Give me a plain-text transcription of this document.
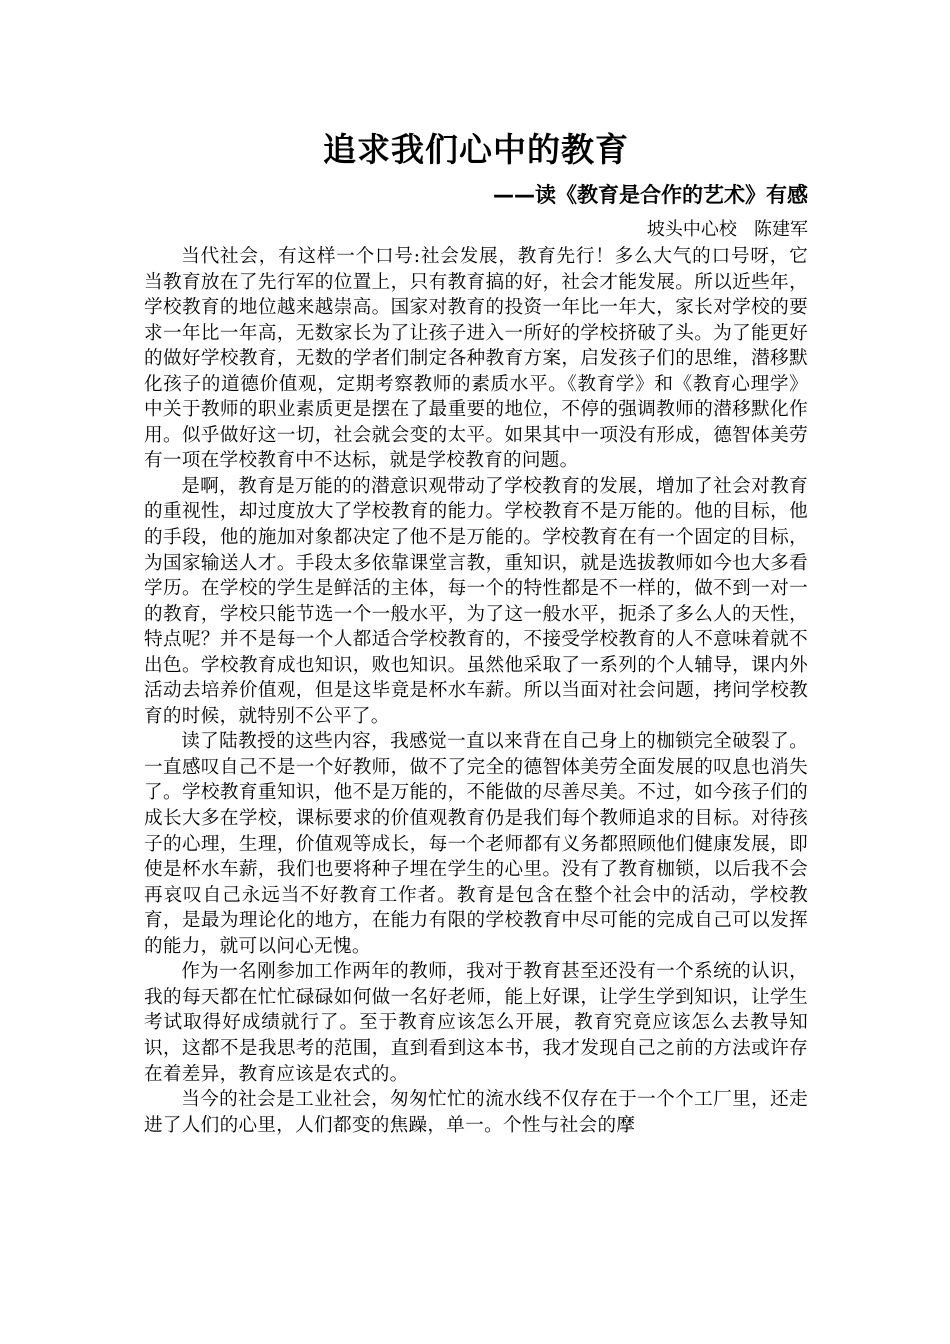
追求我们心中的教育
——读《教育是合作的艺术》有感
坡头中心校   陈建军

当代社会，有这样一个口号:社会发展，教育先行！多么大气的口号呀，它当教育放在了先行军的位置上，只有教育搞的好，社会才能发展。所以近些年，学校教育的地位越来越崇高。国家对教育的投资一年比一年大，家长对学校的要求一年比一年高，无数家长为了让孩子进入一所好的学校挤破了头。为了能更好的做好学校教育，无数的学者们制定各种教育方案，启发孩子们的思维，潜移默化孩子的道德价值观，定期考察教师的素质水平。《教育学》和《教育心理学》中关于教师的职业素质更是摆在了最重要的地位，不停的强调教师的潜移默化作用。似乎做好这一切，社会就会变的太平。如果其中一项没有形成，德智体美劳有一项在学校教育中不达标，就是学校教育的问题。

是啊，教育是万能的的潜意识观带动了学校教育的发展，增加了社会对教育的重视性，却过度放大了学校教育的能力。学校教育不是万能的。他的目标，他的手段，他的施加对象都决定了他不是万能的。学校教育在有一个固定的目标，为国家输送人才。手段太多依靠课堂言教，重知识，就是选拔教师如今也大多看学历。在学校的学生是鲜活的主体，每一个的特性都是不一样的，做不到一对一的教育，学校只能节选一个一般水平，为了这一般水平，扼杀了多么人的天性，特点呢？并不是每一个人都适合学校教育的，不接受学校教育的人不意味着就不出色。学校教育成也知识，败也知识。虽然他采取了一系列的个人辅导，课内外活动去培养价值观，但是这毕竟是杯水车薪。所以当面对社会问题，拷问学校教育的时候，就特别不公平了。

读了陆教授的这些内容，我感觉一直以来背在自己身上的枷锁完全破裂了。一直感叹自己不是一个好教师，做不了完全的德智体美劳全面发展的叹息也消失了。学校教育重知识，他不是万能的，不能做的尽善尽美。不过，如今孩子们的成长大多在学校，课标要求的价值观教育仍是我们每个教师追求的目标。对待孩子的心理，生理，价值观等成长，每一个老师都有义务都照顾他们健康发展，即使是杯水车薪，我们也要将种子埋在学生的心里。没有了教育枷锁，以后我不会再哀叹自己永远当不好教育工作者。教育是包含在整个社会中的活动，学校教育，是最为理论化的地方，在能力有限的学校教育中尽可能的完成自己可以发挥的能力，就可以问心无愧。

作为一名刚参加工作两年的教师，我对于教育甚至还没有一个系统的认识，我的每天都在忙忙碌碌如何做一名好老师，能上好课，让学生学到知识，让学生考试取得好成绩就行了。至于教育应该怎么开展，教育究竟应该怎么去教导知识，这都不是我思考的范围，直到看到这本书，我才发现自己之前的方法或许存在着差异，教育应该是农式的。

当今的社会是工业社会，匆匆忙忙的流水线不仅存在于一个个工厂里，还走进了人们的心里，人们都变的焦躁，单一。个性与社会的摩
